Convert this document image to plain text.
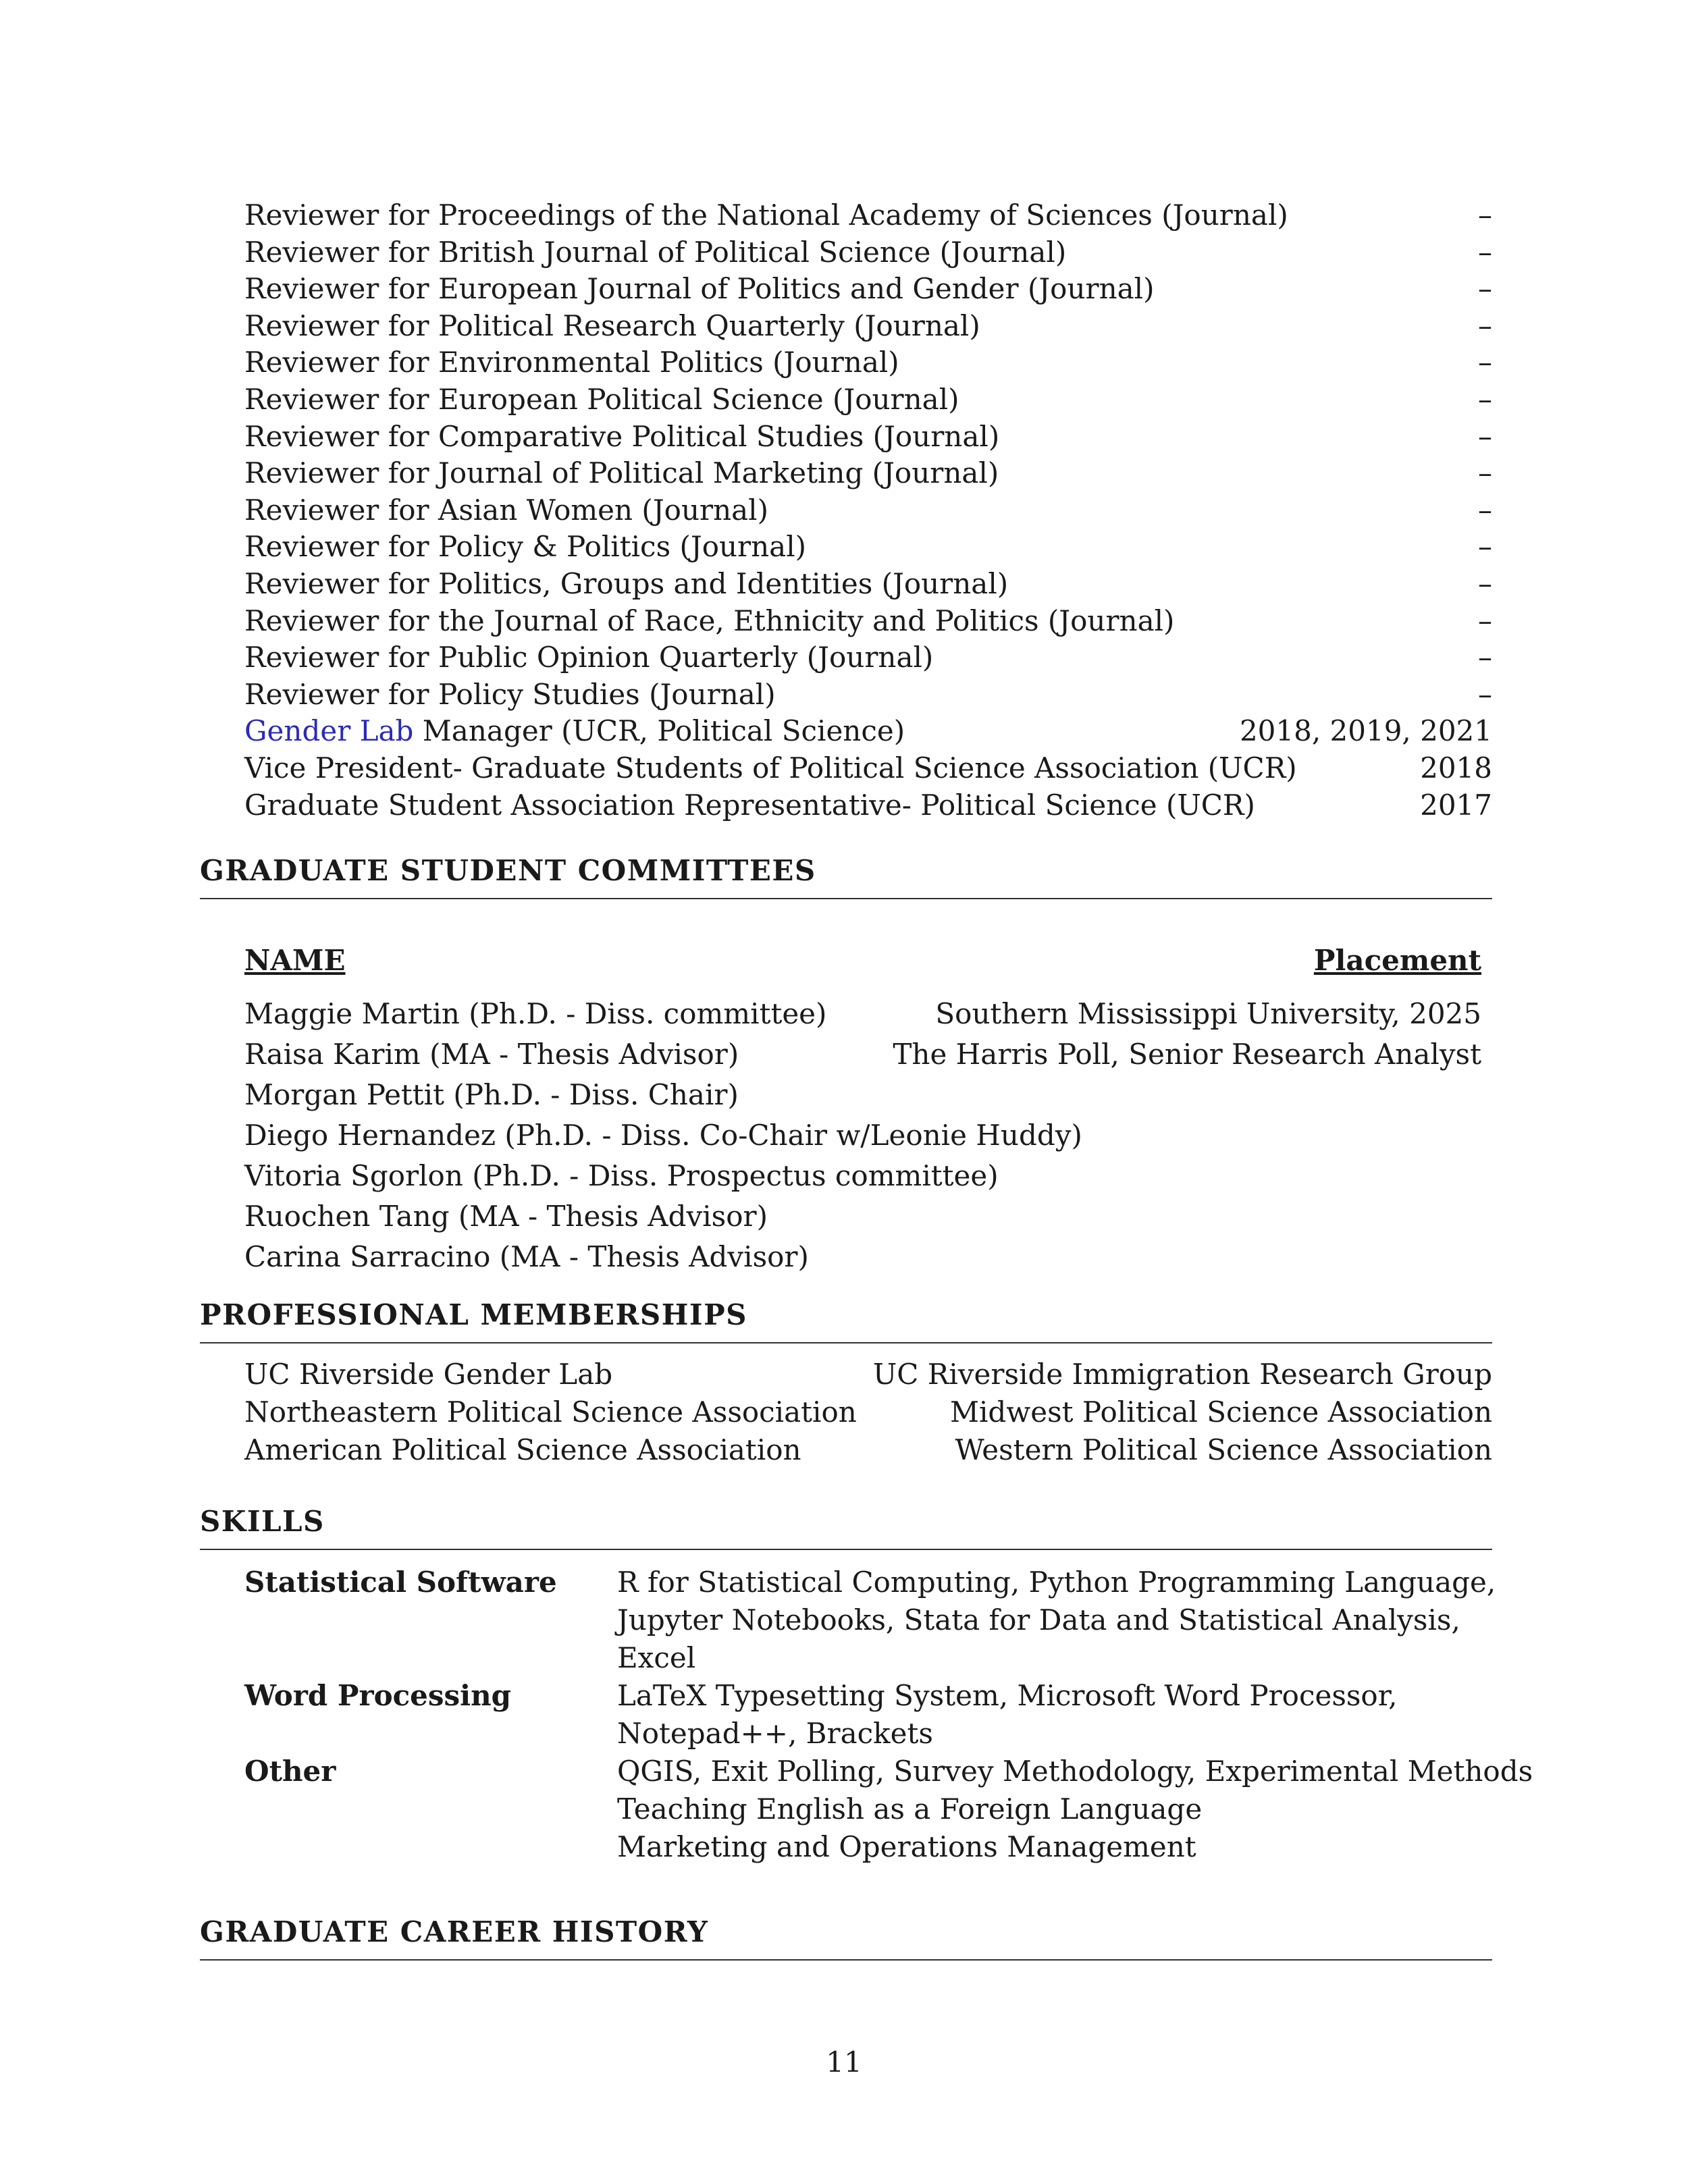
Reviewer for Proceedings of the National Academy of Sciences (Journal)	–
Reviewer for British Journal of Political Science (Journal)	–
Reviewer for European Journal of Politics and Gender (Journal)	–
Reviewer for Political Research Quarterly (Journal)	–
Reviewer for Environmental Politics (Journal)	–
Reviewer for European Political Science (Journal)	–
Reviewer for Comparative Political Studies (Journal)	–
Reviewer for Journal of Political Marketing (Journal)	–
Reviewer for Asian Women (Journal)	–
Reviewer for Policy & Politics (Journal)	–
Reviewer for Politics, Groups and Identities (Journal)	–
Reviewer for the Journal of Race, Ethnicity and Politics (Journal)	–
Reviewer for Public Opinion Quarterly (Journal)	–
Reviewer for Policy Studies (Journal)	–
Gender Lab Manager (UCR, Political Science)	2018, 2019, 2021
Vice President- Graduate Students of Political Science Association (UCR)	2018
Graduate Student Association Representative- Political Science (UCR)	2017
GRADUATE STUDENT COMMITTEES
NAME	Placement
Maggie Martin (Ph.D. - Diss. committee)	Southern Mississippi University, 2025
Raisa Karim (MA - Thesis Advisor)	The Harris Poll, Senior Research Analyst
Morgan Pettit (Ph.D. - Diss. Chair)
Diego Hernandez (Ph.D. - Diss. Co-Chair w/Leonie Huddy)
Vitoria Sgorlon (Ph.D. - Diss. Prospectus committee)
Ruochen Tang (MA - Thesis Advisor)
Carina Sarracino (MA - Thesis Advisor)
PROFESSIONAL MEMBERSHIPS
UC Riverside Gender Lab	UC Riverside Immigration Research Group
Northeastern Political Science Association	Midwest Political Science Association
American Political Science Association	Western Political Science Association
SKILLS
Statistical Software	R for Statistical Computing, Python Programming Language,
Jupyter Notebooks, Stata for Data and Statistical Analysis,
Excel
Word Processing	LaTeX Typesetting System, Microsoft Word Processor,
Notepad++, Brackets
Other	QGIS, Exit Polling, Survey Methodology, Experimental Methods
Teaching English as a Foreign Language
Marketing and Operations Management
GRADUATE CAREER HISTORY
11
